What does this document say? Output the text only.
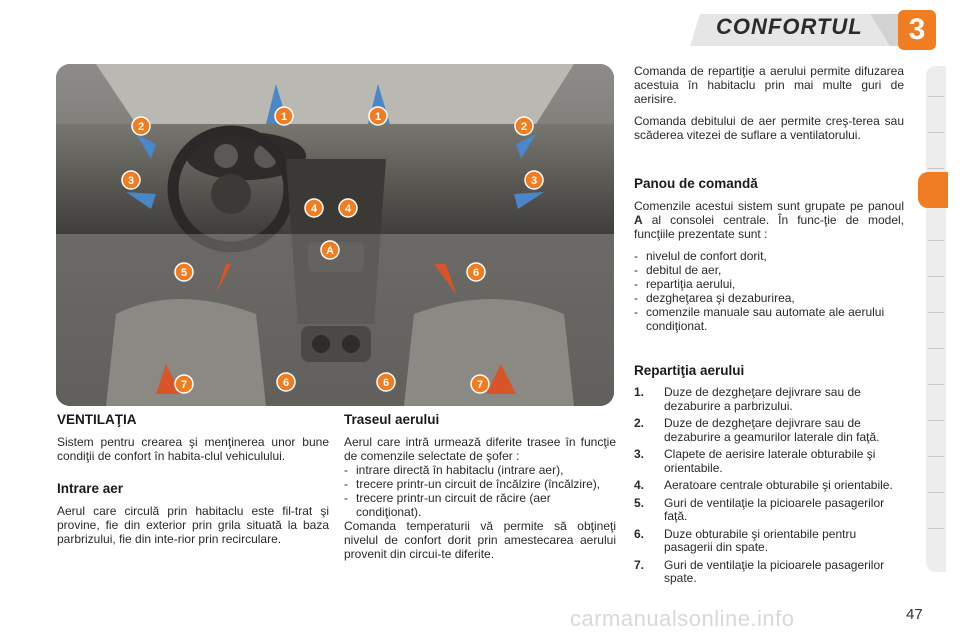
CONFORTUL	3
1	1
2	2
3	3
4	4
A
5	6
6	6
7	7
VENTILAŢIA

Sistem pentru crearea şi menţinerea unor bune condiţii de confort în habita-clul vehiculului.

Intrare aer

Aerul care circulă prin habitaclu este fil-trat şi provine, fie din exterior prin grila situată la baza parbrizului, fie din inte-rior prin recirculare.

Traseul aerului

Aerul care intră urmează diferite trasee în funcţie de comenzile selectate de şofer :

- intrare directă în habitaclu (intrare aer),
- trecere printr-un circuit de încălzire (încălzire),
- trecere printr-un circuit de răcire (aer condiţionat).

Comanda temperaturii vă permite să obţineţi nivelul de confort dorit prin amestecarea aerului provenit din circui-te diferite.

Comanda de repartiţie a aerului permite difuzarea acestuia în habitaclu prin mai multe guri de aerisire.

Comanda debitului de aer permite creş-terea sau scăderea vitezei de suflare a ventilatorului.

Panou de comandă

Comenzile acestui sistem sunt grupate pe panoul A al consolei centrale. În func-ţie de model, funcţiile prezentate sunt :

- nivelul de confort dorit,
- debitul de aer,
- repartiţia aerului,
- dezgheţarea şi dezaburirea,
- comenzile manuale sau automate ale aerului condiţionat.
Repartiţia aerului
1. Duze de dezgheţare dejivrare sau de dezaburire a parbrizului.
2. Duze de dezgheţare dejivrare sau de dezaburire a geamurilor laterale din faţă.
3. Clapete de aerisire laterale obturabile şi orientabile.
4. Aeratoare centrale obturabile şi orientabile.
5. Guri de ventilaţie la picioarele pasagerilor faţă.
6. Duze obturabile şi orientabile pentru pasagerii din spate.
7. Guri de ventilaţie la picioarele pasagerilor spate.
carmanualsonline.info	47
